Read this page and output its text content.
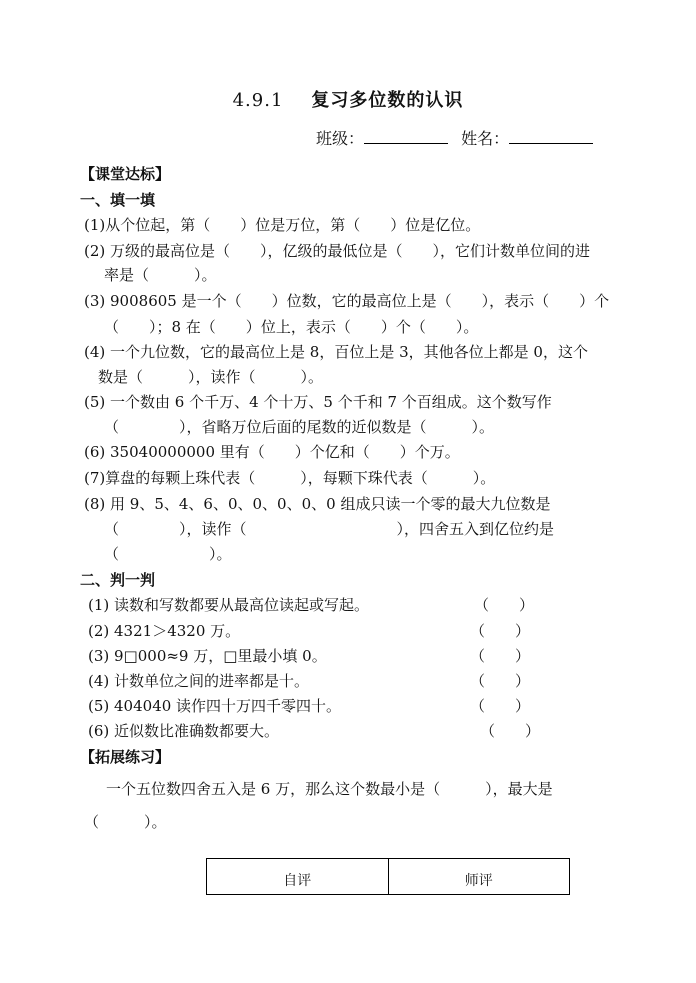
4.9.1 复习多位数的认识
班级：	姓名：
【课堂达标】
一、填一填
(1)从个位起，第（　　）位是万位，第（　　）位是亿位。
(2) 万级的最高位是（　　），亿级的最低位是（　　），它们计数单位间的进
率是（　　　）。
(3) 9008605 是一个（　　）位数，它的最高位上是（　　），表示（　　）个
（　　）；8 在（　　）位上，表示（　　）个（　　）。
(4) 一个九位数，它的最高位上是 8，百位上是 3，其他各位上都是 0，这个
数是（　　　），读作（　　　）。
(5) 一个数由 6 个千万、4 个十万、5 个千和 7 个百组成。这个数写作
（　　　　），省略万位后面的尾数的近似数是（　　　）。
(6) 35040000000 里有（　　）个亿和（　　）个万。
(7)算盘的每颗上珠代表（　　　），每颗下珠代表（　　　）。
(8) 用 9、5、4、6、0、0、0、0、0 组成只读一个零的最大九位数是
（　　　　），读作（　　　　　　　　　　），四舍五入到亿位约是
（　　　　　　）。
二、判一判
(1) 读数和写数都要从最高位读起或写起。	（　　）
(2) 4321＞4320 万。	（　　）
(3) 9□000≈9 万，□里最小填 0。	（　　）
(4) 计数单位之间的进率都是十。	（　　）
(5) 404040 读作四十万四千零四十。	（　　）
(6) 近似数比准确数都要大。	（　　）
【拓展练习】
一个五位数四舍五入是 6 万，那么这个数最小是（　　　），最大是
（　　　）。
自评	师评
